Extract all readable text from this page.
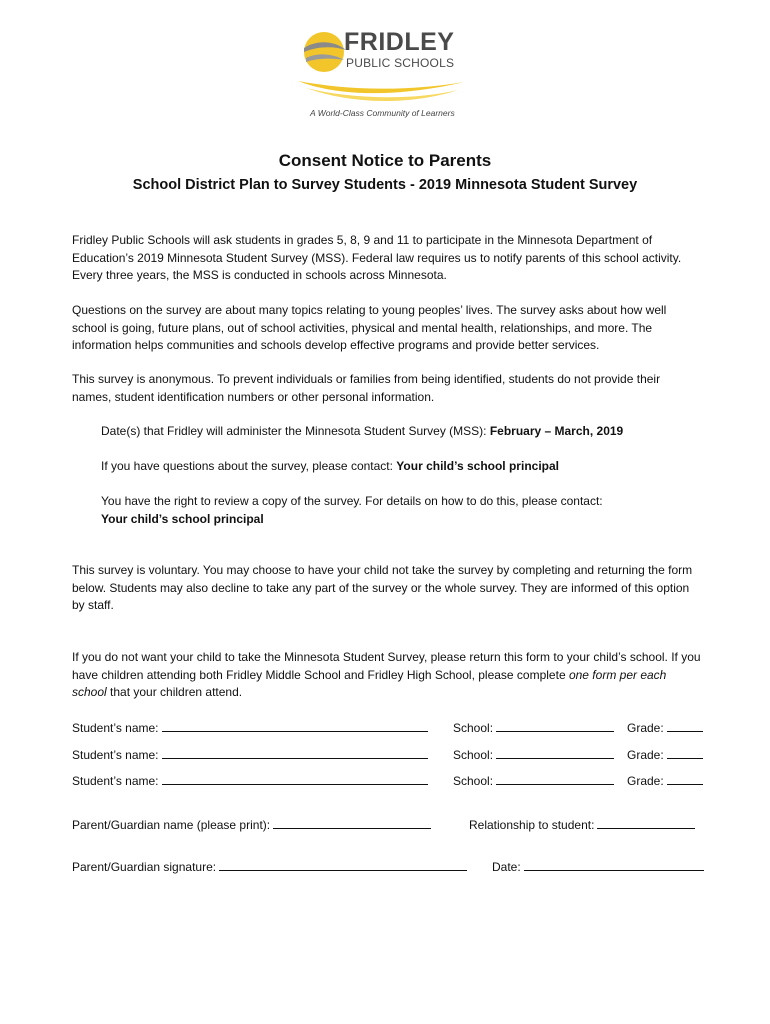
FRIDLEY
PUBLIC SCHOOLS
A World-Class Community of Learners
Consent Notice to Parents
School District Plan to Survey Students - 2019 Minnesota Student Survey

Fridley Public Schools will ask students in grades 5, 8, 9 and 11 to participate in the Minnesota Department of Education’s 2019 Minnesota Student Survey (MSS). Federal law requires us to notify parents of this school activity. Every three years, the MSS is conducted in schools across Minnesota.

Questions on the survey are about many topics relating to young peoples’ lives. The survey asks about how well school is going, future plans, out of school activities, physical and mental health, relationships, and more. The information helps communities and schools develop effective programs and provide better services.

This survey is anonymous. To prevent individuals or families from being identified, students do not provide their names, student identification numbers or other personal information.

Date(s) that Fridley will administer the Minnesota Student Survey (MSS): February – March, 2019

If you have questions about the survey, please contact: Your child’s school principal

You have the right to review a copy of the survey. For details on how to do this, please contact:
Your child’s school principal

This survey is voluntary. You may choose to have your child not take the survey by completing and returning the form below. Students may also decline to take any part of the survey or the whole survey. They are informed of this option by staff.

If you do not want your child to take the Minnesota Student Survey, please return this form to your child’s school. If you have children attending both Fridley Middle School and Fridley High School, please complete one form per each school that your children attend.

Student’s name:	School:	Grade:
Student’s name:	School:	Grade:
Student’s name:	School:	Grade:
Parent/Guardian name (please print):	Relationship to student:
Parent/Guardian signature:	Date:
